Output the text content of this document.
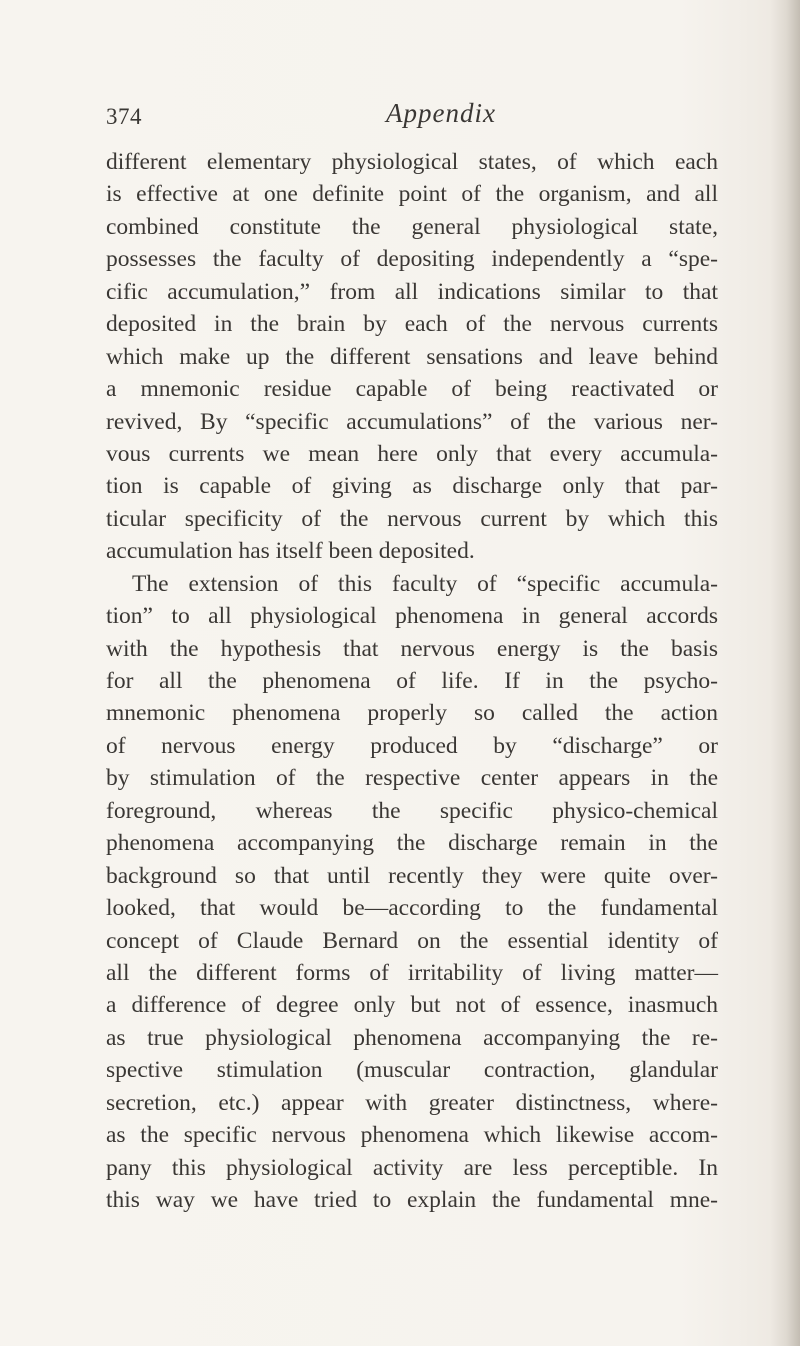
374	Appendix
different elementary physiological states, of which each
is effective at one definite point of the organism, and all
combined constitute the general physiological state,
possesses the faculty of depositing independently a “spe-
cific accumulation,” from all indications similar to that
deposited in the brain by each of the nervous currents
which make up the different sensations and leave behind
a mnemonic residue capable of being reactivated or
revived, By “specific accumulations” of the various ner-
vous currents we mean here only that every accumula-
tion is capable of giving as discharge only that par-
ticular specificity of the nervous current by which this
accumulation has itself been deposited.
The extension of this faculty of “specific accumula-
tion” to all physiological phenomena in general accords
with the hypothesis that nervous energy is the basis
for all the phenomena of life. If in the psycho-
mnemonic phenomena properly so called the action
of nervous energy produced by “discharge” or
by stimulation of the respective center appears in the
foreground, whereas the specific physico-chemical
phenomena accompanying the discharge remain in the
background so that until recently they were quite over-
looked, that would be—according to the fundamental
concept of Claude Bernard on the essential identity of
all the different forms of irritability of living matter—
a difference of degree only but not of essence, inasmuch
as true physiological phenomena accompanying the re-
spective stimulation (muscular contraction, glandular
secretion, etc.) appear with greater distinctness, where-
as the specific nervous phenomena which likewise accom-
pany this physiological activity are less perceptible. In
this way we have tried to explain the fundamental mne-
